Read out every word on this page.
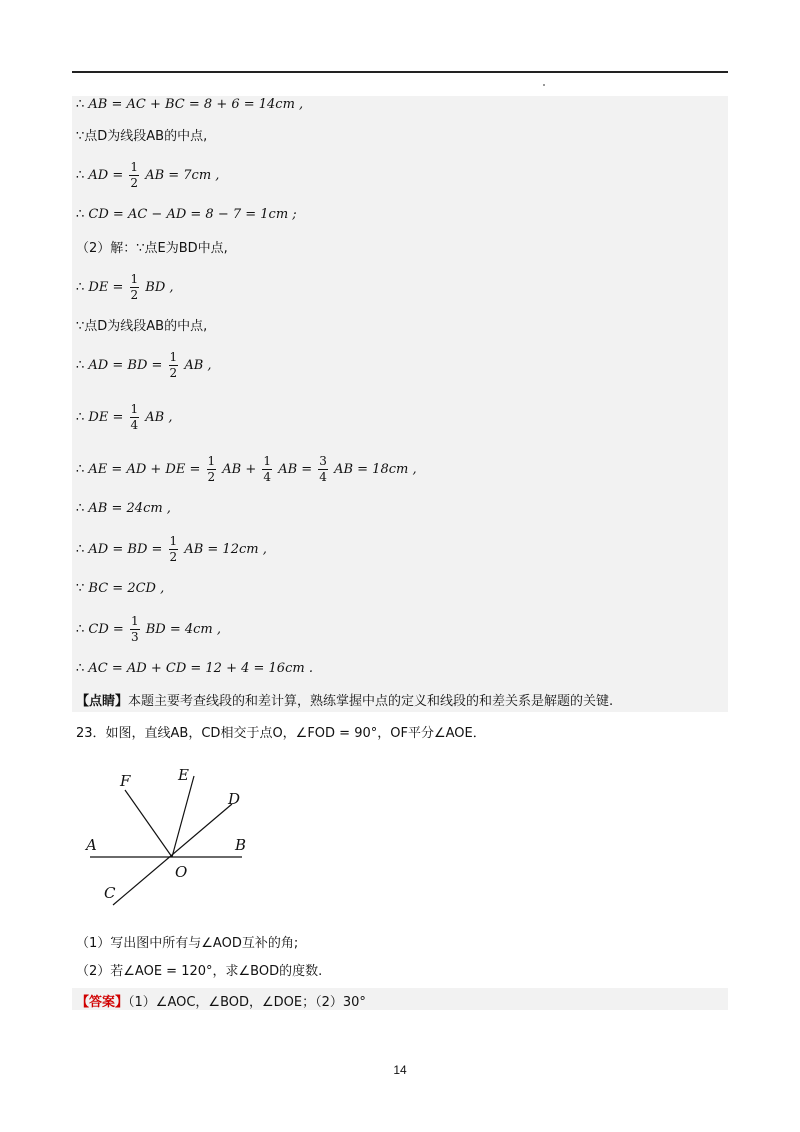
∴ AB = AC + BC = 8 + 6 = 14cm ,
∵点D为线段AB的中点,
∴ AD = $\frac{1}{2}$ AB = 7cm ,
∴ CD = AC − AD = 8 − 7 = 1cm ;
（2）解：∵点E为BD中点,
∴ DE = $\frac{1}{2}$ BD ,
∵点D为线段AB的中点,
∴ AD = BD = $\frac{1}{2}$ AB ,
∴ DE = $\frac{1}{4}$ AB ,
∴ AE = AD + DE = $\frac{1}{2}$ AB + $\frac{1}{4}$ AB = $\frac{3}{4}$ AB = 18cm ,
∴ AB = 24cm ,
∴ AD = BD = $\frac{1}{2}$ AB = 12cm ,
∵ BC = 2CD ,
∴ CD = $\frac{1}{3}$ BD = 4cm ,
∴ AC = AD + CD = 12 + 4 = 16cm .
【点睛】本题主要考查线段的和差计算，熟练掌握中点的定义和线段的和差关系是解题的关键.
23．如图，直线AB，CD相交于点O，∠FOD = 90°，OF平分∠AOE．
A	B
C
D
E
F
O
（1）写出图中所有与∠AOD互补的角;
（2）若∠AOE = 120°，求∠BOD的度数.
【答案】（1）∠AOC，∠BOD，∠DOE；（2）30°
14
